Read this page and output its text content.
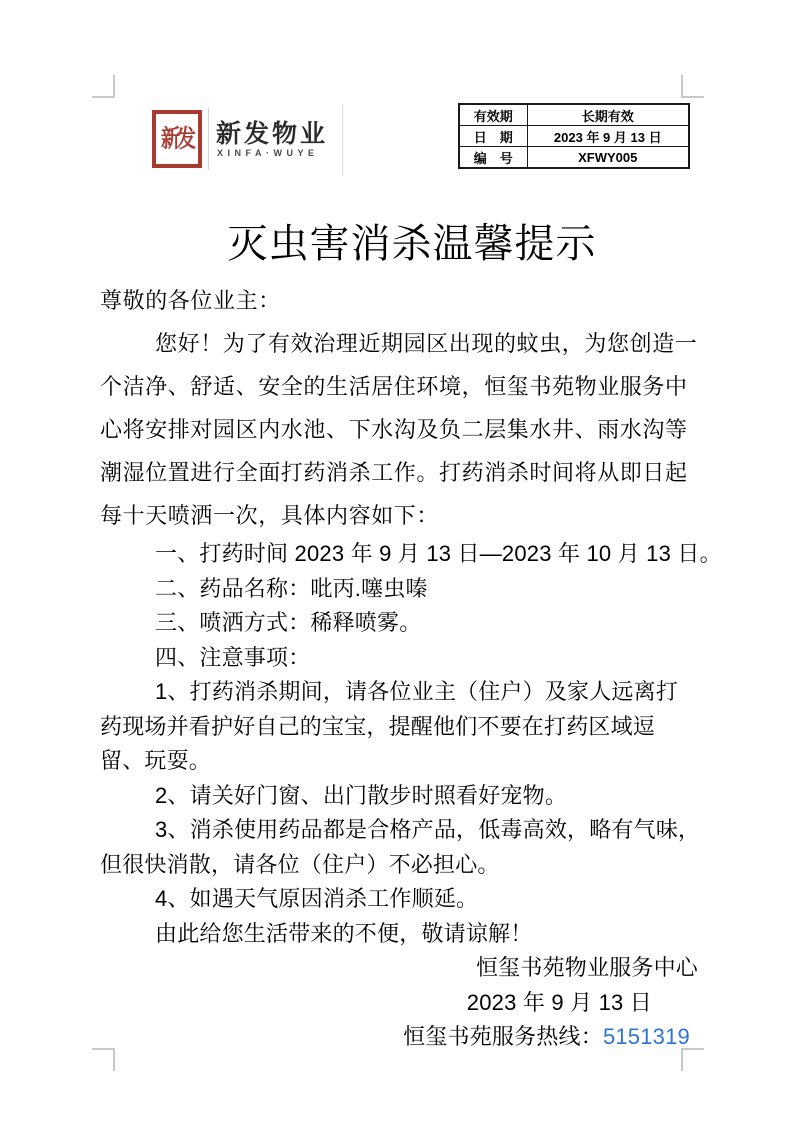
新 发 新发物业
XINFA·WUYE
有效期	长期有效
日　期	2023 年 9 月 13 日
编　号	XFWY005
灭虫害消杀温馨提示
尊敬的各位业主：
您好！为了有效治理近期园区出现的蚊虫，为您创造一
个洁净、舒适、安全的生活居住环境，恒玺书苑物业服务中
心将安排对园区内水池、下水沟及负二层集水井、雨水沟等
潮湿位置进行全面打药消杀工作。打药消杀时间将从即日起
每十天喷洒一次，具体内容如下：
一、打药时间 2023 年 9 月 13 日—2023 年 10 月 13 日。
二、药品名称：吡丙.噻虫嗪
三、喷洒方式：稀释喷雾。
四、注意事项：
1、打药消杀期间，请各位业主（住户）及家人远离打
药现场并看护好自己的宝宝，提醒他们不要在打药区域逗
留、玩耍。
2、请关好门窗、出门散步时照看好宠物。
3、消杀使用药品都是合格产品，低毒高效，略有气味，
但很快消散，请各位（住户）不必担心。
4、如遇天气原因消杀工作顺延。
由此给您生活带来的不便，敬请谅解！
恒玺书苑物业服务中心
2023 年 9 月 13 日
恒玺书苑服务热线：5151319
